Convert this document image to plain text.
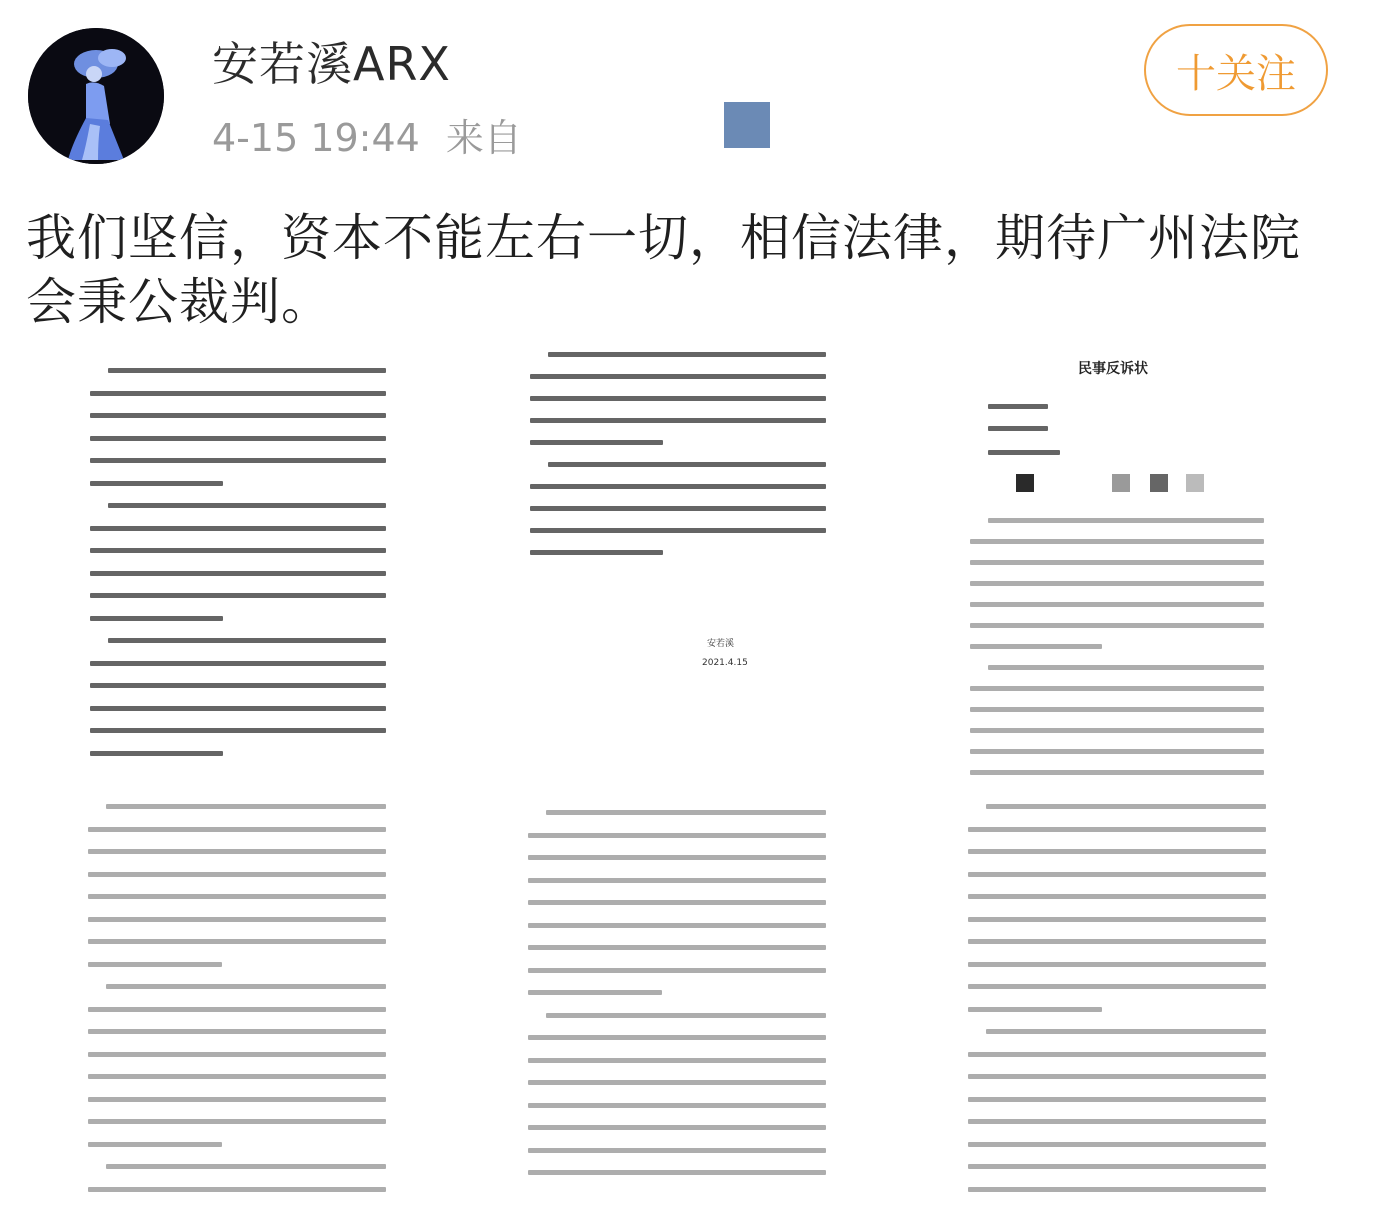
安若溪ARX
4-15 19:44 来自
十关注
我们坚信，资本不能左右一切，相信法律，期待广州法院会秉公裁判。
安若溪
2021.4.15
民事反诉状
